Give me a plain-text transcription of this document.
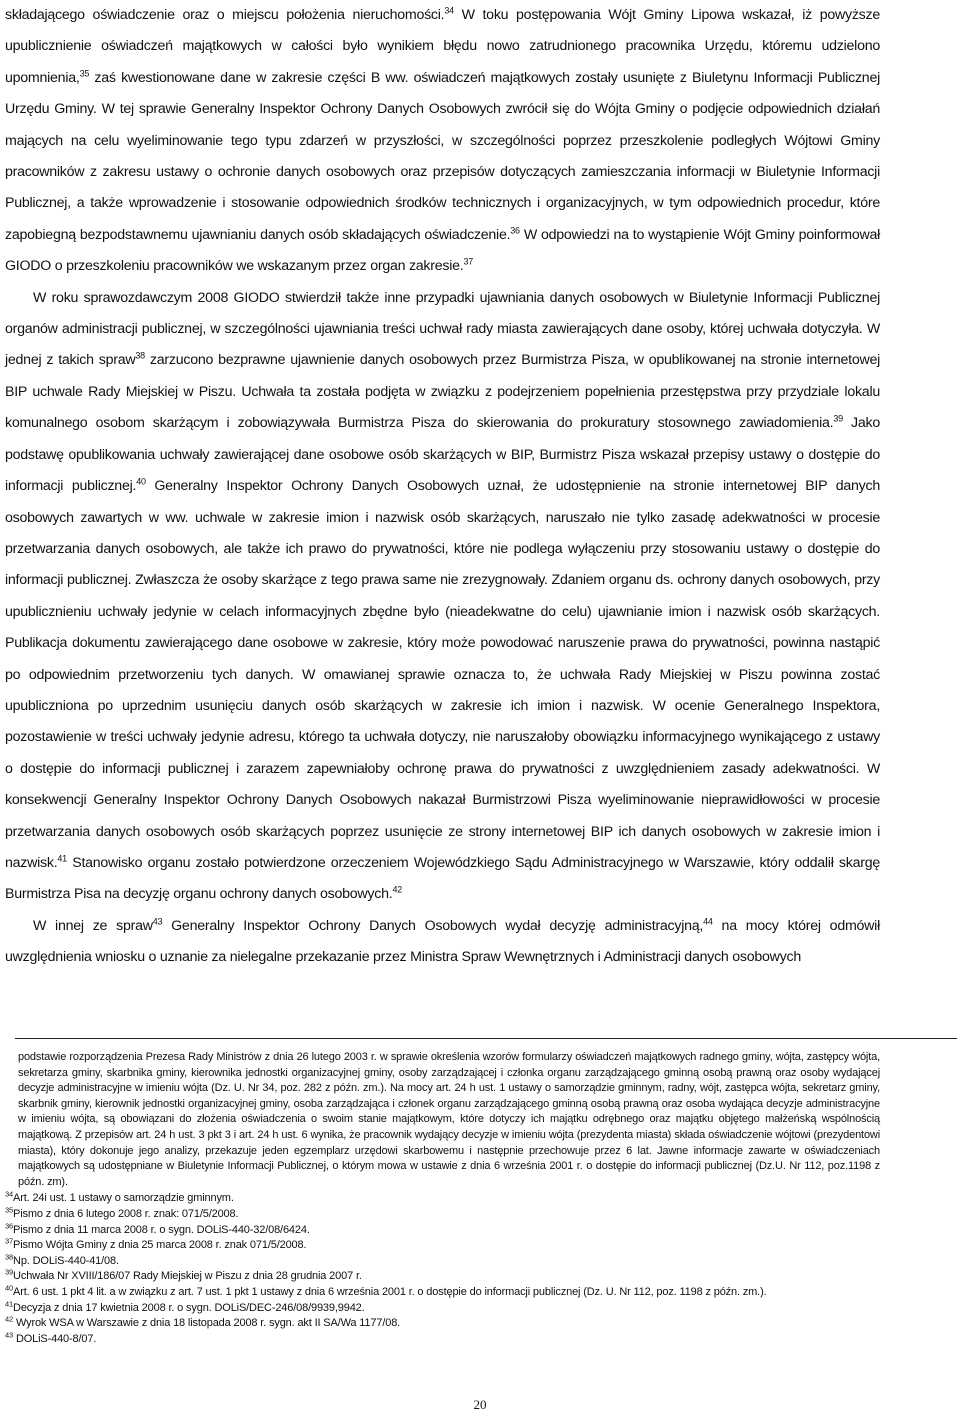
składającego oświadczenie oraz o miejscu położenia nieruchomości.$^{34}$ W toku postępowania Wójt Gminy Lipowa wskazał, iż powyższe upublicznienie oświadczeń majątkowych w całości było wynikiem błędu nowo zatrudnionego pracownika Urzędu, któremu udzielono upomnienia,$^{35}$ zaś kwestionowane dane w zakresie części B ww. oświadczeń majątkowych zostały usunięte z Biuletynu Informacji Publicznej Urzędu Gminy. W tej sprawie Generalny Inspektor Ochrony Danych Osobowych zwrócił się do Wójta Gminy o podjęcie odpowiednich działań mających na celu wyeliminowanie tego typu zdarzeń w przyszłości, w szczególności poprzez przeszkolenie podległych Wójtowi Gminy pracowników z zakresu ustawy o ochronie danych osobowych oraz przepisów dotyczących zamieszczania informacji w Biuletynie Informacji Publicznej, a także wprowadzenie i stosowanie odpowiednich środków technicznych i organizacyjnych, w tym odpowiednich procedur, które zapobiegną bezpodstawnemu ujawnianiu danych osób składających oświadczenie.$^{36}$ W odpowiedzi na to wystąpienie Wójt Gminy poinformował GIODO o przeszkoleniu pracowników we wskazanym przez organ zakresie.$^{37}$

W roku sprawozdawczym 2008 GIODO stwierdził także inne przypadki ujawniania danych osobowych w Biuletynie Informacji Publicznej organów administracji publicznej, w szczególności ujawniania treści uchwał rady miasta zawierających dane osoby, której uchwała dotyczyła. W jednej z takich spraw$^{38}$ zarzucono bezprawne ujawnienie danych osobowych przez Burmistrza Pisza, w opublikowanej na stronie internetowej BIP uchwale Rady Miejskiej w Piszu. Uchwała ta została podjęta w związku z podejrzeniem popełnienia przestępstwa przy przydziale lokalu komunalnego osobom skarżącym i zobowiązywała Burmistrza Pisza do skierowania do prokuratury stosownego zawiadomienia.$^{39}$ Jako podstawę opublikowania uchwały zawierającej dane osobowe osób skarżących w BIP, Burmistrz Pisza wskazał przepisy ustawy o dostępie do informacji publicznej.$^{40}$ Generalny Inspektor Ochrony Danych Osobowych uznał, że udostępnienie na stronie internetowej BIP danych osobowych zawartych w ww. uchwale w zakresie imion i nazwisk osób skarżących, naruszało nie tylko zasadę adekwatności w procesie przetwarzania danych osobowych, ale także ich prawo do prywatności, które nie podlega wyłączeniu przy stosowaniu ustawy o dostępie do informacji publicznej. Zwłaszcza że osoby skarżące z tego prawa same nie zrezygnowały. Zdaniem organu ds. ochrony danych osobowych, przy upublicznieniu uchwały jedynie w celach informacyjnych zbędne było (nieadekwatne do celu) ujawnianie imion i nazwisk osób skarżących. Publikacja dokumentu zawierającego dane osobowe w zakresie, który może powodować naruszenie prawa do prywatności, powinna nastąpić po odpowiednim przetworzeniu tych danych. W omawianej sprawie oznacza to, że uchwała Rady Miejskiej w Piszu powinna zostać upubliczniona po uprzednim usunięciu danych osób skarżących w zakresie ich imion i nazwisk. W ocenie Generalnego Inspektora, pozostawienie w treści uchwały jedynie adresu, którego ta uchwała dotyczy, nie naruszałoby obowiązku informacyjnego wynikającego z ustawy o dostępie do informacji publicznej i zarazem zapewniałoby ochronę prawa do prywatności z uwzględnieniem zasady adekwatności. W konsekwencji Generalny Inspektor Ochrony Danych Osobowych nakazał Burmistrzowi Pisza wyeliminowanie nieprawidłowości w procesie przetwarzania danych osobowych osób skarżących poprzez usunięcie ze strony internetowej BIP ich danych osobowych w zakresie imion i nazwisk.$^{41}$ Stanowisko organu zostało potwierdzone orzeczeniem Wojewódzkiego Sądu Administracyjnego w Warszawie, który oddalił skargę Burmistrza Pisa na decyzję organu ochrony danych osobowych.$^{42}$

W innej ze spraw$^{43}$ Generalny Inspektor Ochrony Danych Osobowych wydał decyzję administracyjną,$^{44}$ na mocy której odmówił uwzględnienia wniosku o uznanie za nielegalne przekazanie przez Ministra Spraw Wewnętrznych i Administracji danych osobowych

podstawie rozporządzenia Prezesa Rady Ministrów z dnia 26 lutego 2003 r. w sprawie określenia wzorów formularzy oświadczeń majątkowych radnego gminy, wójta, zastępcy wójta, sekretarza gminy, skarbnika gminy, kierownika jednostki organizacyjnej gminy, osoby zarządzającej i członka organu zarządzającego gminną osobą prawną oraz osoby wydającej decyzje administracyjne w imieniu wójta (Dz. U. Nr 34, poz. 282 z późn. zm.). Na mocy art. 24 h ust. 1 ustawy o samorządzie gminnym, radny, wójt, zastępca wójta, sekretarz gminy, skarbnik gminy, kierownik jednostki organizacyjnej gminy, osoba zarządzająca i członek organu zarządzającego gminną osobą prawną oraz osoba wydająca decyzje administracyjne w imieniu wójta, są obowiązani do złożenia oświadczenia o swoim stanie majątkowym, które dotyczy ich majątku odrębnego oraz majątku objętego małżeńską wspólnością majątkową. Z przepisów art. 24 h ust. 3 pkt 3 i art. 24 h ust. 6 wynika, że pracownik wydający decyzje w imieniu wójta (prezydenta miasta) składa oświadczenie wójtowi (prezydentowi miasta), który dokonuje jego analizy, przekazuje jeden egzemplarz urzędowi skarbowemu i następnie przechowuje przez 6 lat. Jawne informacje zawarte w oświadczeniach majątkowych są udostępniane w Biuletynie Informacji Publicznej, o którym mowa w ustawie z dnia 6 września 2001 r. o dostępie do informacji publicznej (Dz.U. Nr 112, poz.1198 z późn. zm).

$^{34}$Art. 24i ust. 1 ustawy o samorządzie gminnym.
$^{35}$Pismo z dnia 6 lutego 2008 r. znak: 071/5/2008.
$^{36}$Pismo z dnia 11 marca 2008 r. o sygn. DOLiS-440-32/08/6424.
$^{37}$Pismo Wójta Gminy z dnia 25 marca 2008 r. znak 071/5/2008.
$^{38}$Np. DOLiS-440-41/08.
$^{39}$Uchwała Nr XVIII/186/07 Rady Miejskiej w Piszu z dnia 28 grudnia 2007 r.
$^{40}$Art. 6 ust. 1 pkt 4 lit. a w związku z art. 7 ust. 1 pkt 1 ustawy z dnia 6 września 2001 r. o dostępie do informacji publicznej (Dz. U. Nr 112, poz. 1198 z późn. zm.).
$^{41}$Decyzja z dnia 17 kwietnia 2008 r. o sygn. DOLiS/DEC-246/08/9939,9942.
$^{42}$ Wyrok WSA w Warszawie z dnia 18 listopada 2008 r. sygn. akt II SA/Wa 1177/08.
$^{43}$ DOLiS-440-8/07.
20
